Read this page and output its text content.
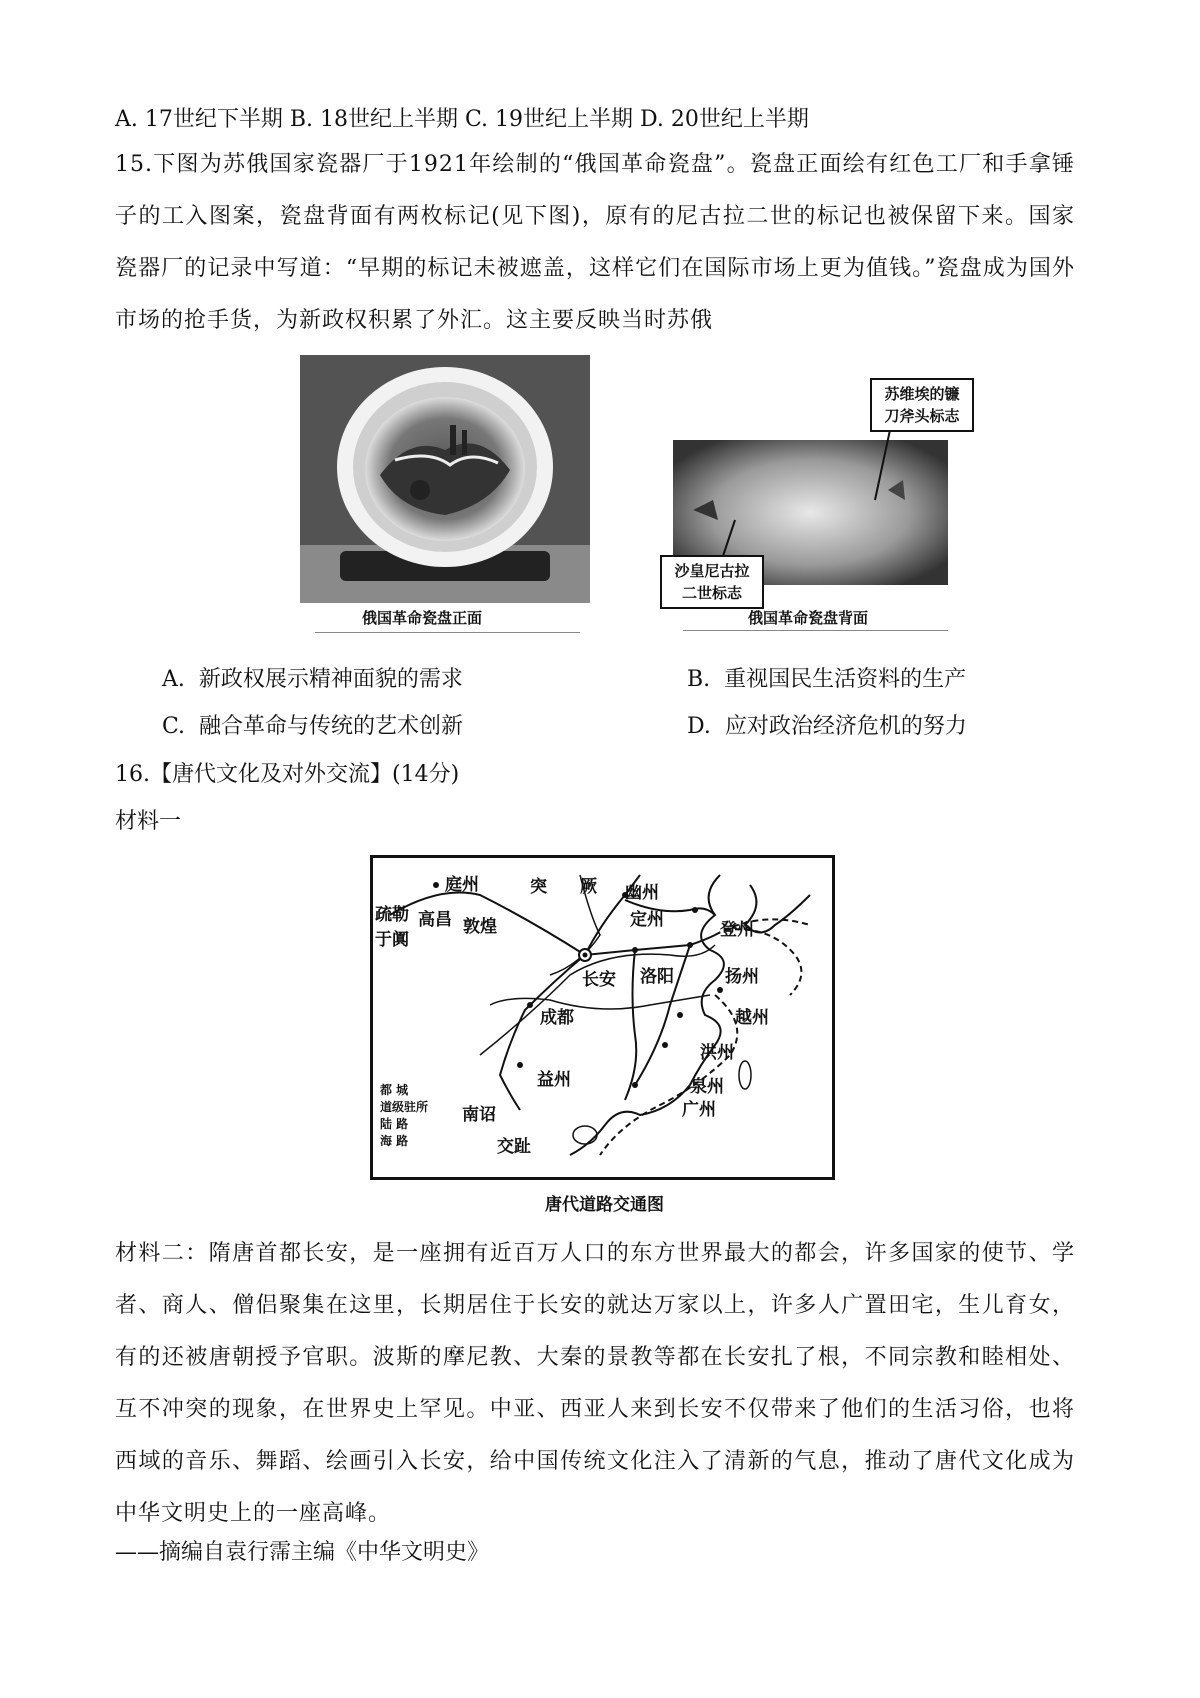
A. 17世纪下半期 B. 18世纪上半期 C. 19世纪上半期 D. 20世纪上半期
15.下图为苏俄国家瓷器厂于1921年绘制的“俄国革命瓷盘”。瓷盘正面绘有红色工厂和手拿锤子的工入图案，瓷盘背面有两枚标记(见下图)，原有的尼古拉二世的标记也被保留下来。国家瓷器厂的记录中写道：“早期的标记未被遮盖，这样它们在国际市场上更为值钱。”瓷盘成为国外市场的抢手货，为新政权积累了外汇。这主要反映当时苏俄
俄国革命瓷盘正面
苏维埃的镰刀斧头标志
沙皇尼古拉二世标志
俄国革命瓷盘背面
A. 新政权展示精神面貌的需求	B. 重视国民生活资料的生产
C. 融合革命与传统的艺术创新	D. 应对政治经济危机的努力
16.【唐代文化及对外交流】(14分)
材料一
庭州	突 厥 幽州
疏勒 高昌 敦煌
于阗
定州	登州
长安 洛阳	扬州
成都	越州
洪州
益州	泉州
广州
南诏
交趾
都 城
道级驻所
陆 路
海 路
唐代道路交通图
材料二：隋唐首都长安，是一座拥有近百万人口的东方世界最大的都会，许多国家的使节、学者、商人、僧侣聚集在这里，长期居住于长安的就达万家以上，许多人广置田宅，生儿育女，有的还被唐朝授予官职。波斯的摩尼教、大秦的景教等都在长安扎了根，不同宗教和睦相处、互不冲突的现象，在世界史上罕见。中亚、西亚人来到长安不仅带来了他们的生活习俗，也将西域的音乐、舞蹈、绘画引入长安，给中国传统文化注入了清新的气息，推动了唐代文化成为中华文明史上的一座高峰。
——摘编自袁行霈主编《中华文明史》
